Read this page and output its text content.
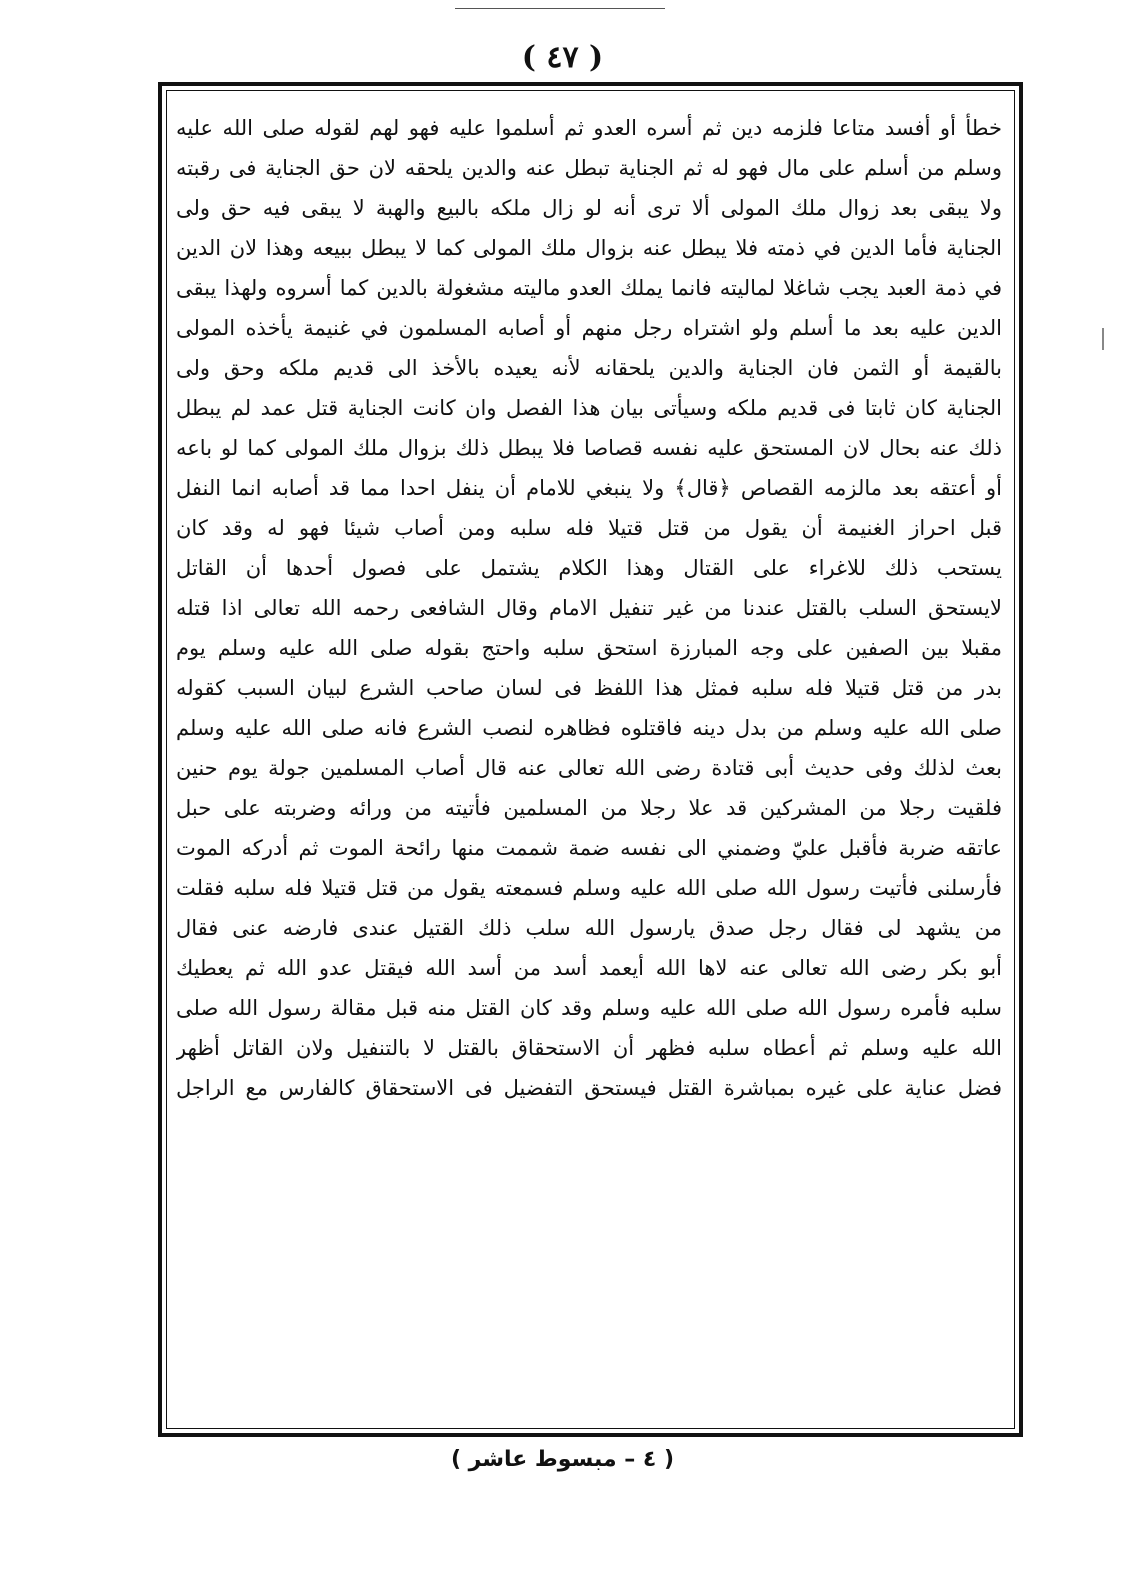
( ٤٧ )
خطأ أو أفسد متاعا فلزمه دين ثم أسره العدو ثم أسلموا عليه فهو لهم لقوله صلى الله عليه
وسلم من أسلم على مال فهو له ثم الجناية تبطل عنه والدين يلحقه لان حق الجناية فى رقبته
ولا يبقى بعد زوال ملك المولى ألا ترى أنه لو زال ملكه بالبيع والهبة لا يبقى فيه حق ولى
الجناية فأما الدين في ذمته فلا يبطل عنه بزوال ملك المولى كما لا يبطل ببيعه وهذا لان الدين
في ذمة العبد يجب شاغلا لماليته فانما يملك العدو ماليته مشغولة بالدين كما أسروه ولهذا يبقى
الدين عليه بعد ما أسلم ولو اشتراه رجل منهم أو أصابه المسلمون في غنيمة يأخذه المولى
بالقيمة أو الثمن فان الجناية والدين يلحقانه لأنه يعيده بالأخذ الى قديم ملكه وحق ولى
الجناية كان ثابتا فى قديم ملكه وسيأتى بيان هذا الفصل وان كانت الجناية قتل عمد لم يبطل
ذلك عنه بحال لان المستحق عليه نفسه قصاصا فلا يبطل ذلك بزوال ملك المولى كما لو باعه
أو أعتقه بعد مالزمه القصاص ﴿قال﴾ ولا ينبغي للامام أن ينفل احدا مما قد أصابه انما النفل
قبل احراز الغنيمة أن يقول من قتل قتيلا فله سلبه ومن أصاب شيئا فهو له وقد كان
يستحب ذلك للاغراء على القتال وهذا الكلام يشتمل على فصول أحدها أن القاتل
لايستحق السلب بالقتل عندنا من غير تنفيل الامام وقال الشافعى رحمه الله تعالى اذا قتله
مقبلا بين الصفين على وجه المبارزة استحق سلبه واحتج بقوله صلى الله عليه وسلم يوم
بدر من قتل قتيلا فله سلبه فمثل هذا اللفظ فى لسان صاحب الشرع لبيان السبب كقوله
صلى الله عليه وسلم من بدل دينه فاقتلوه فظاهره لنصب الشرع فانه صلى الله عليه وسلم
بعث لذلك وفى حديث أبى قتادة رضى الله تعالى عنه قال أصاب المسلمين جولة يوم حنين
فلقيت رجلا من المشركين قد علا رجلا من المسلمين فأتيته من ورائه وضربته على حبل
عاتقه ضربة فأقبل عليّ وضمني الى نفسه ضمة شممت منها رائحة الموت ثم أدركه الموت
فأرسلنى فأتيت رسول الله صلى الله عليه وسلم فسمعته يقول من قتل قتيلا فله سلبه فقلت
من يشهد لى فقال رجل صدق يارسول الله سلب ذلك القتيل عندى فارضه عنى فقال
أبو بكر رضى الله تعالى عنه لاها الله أيعمد أسد من أسد الله فيقتل عدو الله ثم يعطيك
سلبه فأمره رسول الله صلى الله عليه وسلم وقد كان القتل منه قبل مقالة رسول الله صلى
الله عليه وسلم ثم أعطاه سلبه فظهر أن الاستحقاق بالقتل لا بالتنفيل ولان القاتل أظهر
فضل عناية على غيره بمباشرة القتل فيستحق التفضيل فى الاستحقاق كالفارس مع الراجل
( ٤ – مبسوط عاشر )
